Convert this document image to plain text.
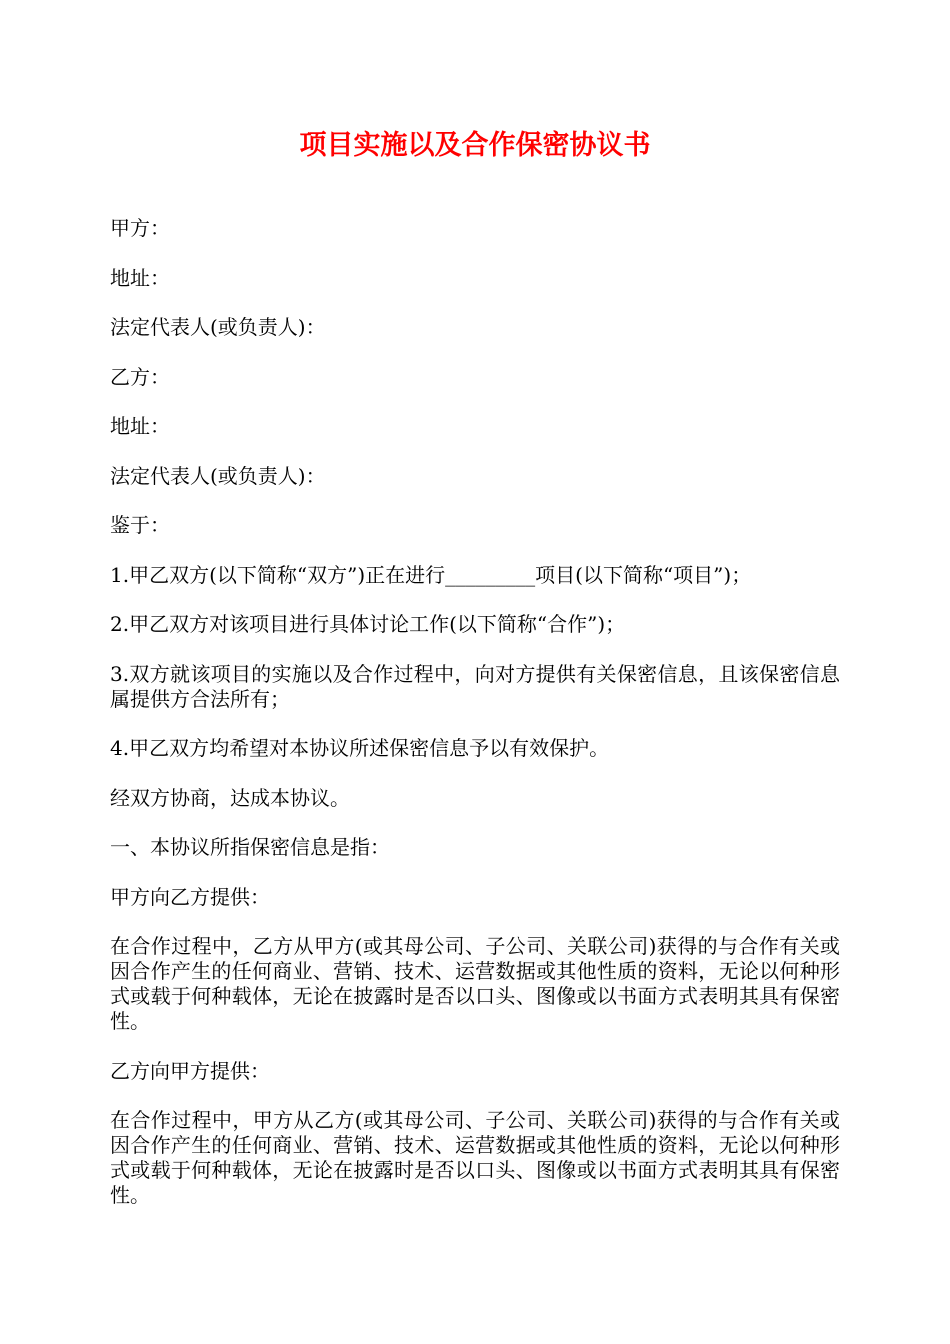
项目实施以及合作保密协议书

甲方：

地址：

法定代表人(或负责人)：

乙方：

地址：

法定代表人(或负责人)：

鉴于：

1.甲乙双方(以下简称“双方”)正在进行_________项目(以下简称“项目”)；

2.甲乙双方对该项目进行具体讨论工作(以下简称“合作”)；

3.双方就该项目的实施以及合作过程中，向对方提供有关保密信息，且该保密信息属提供方合法所有；

4.甲乙双方均希望对本协议所述保密信息予以有效保护。

经双方协商，达成本协议。

一、本协议所指保密信息是指：

甲方向乙方提供：

在合作过程中，乙方从甲方(或其母公司、子公司、关联公司)获得的与合作有关或因合作产生的任何商业、营销、技术、运营数据或其他性质的资料，无论以何种形式或载于何种载体，无论在披露时是否以口头、图像或以书面方式表明其具有保密性。

乙方向甲方提供：

在合作过程中，甲方从乙方(或其母公司、子公司、关联公司)获得的与合作有关或因合作产生的任何商业、营销、技术、运营数据或其他性质的资料，无论以何种形式或载于何种载体，无论在披露时是否以口头、图像或以书面方式表明其具有保密性。
